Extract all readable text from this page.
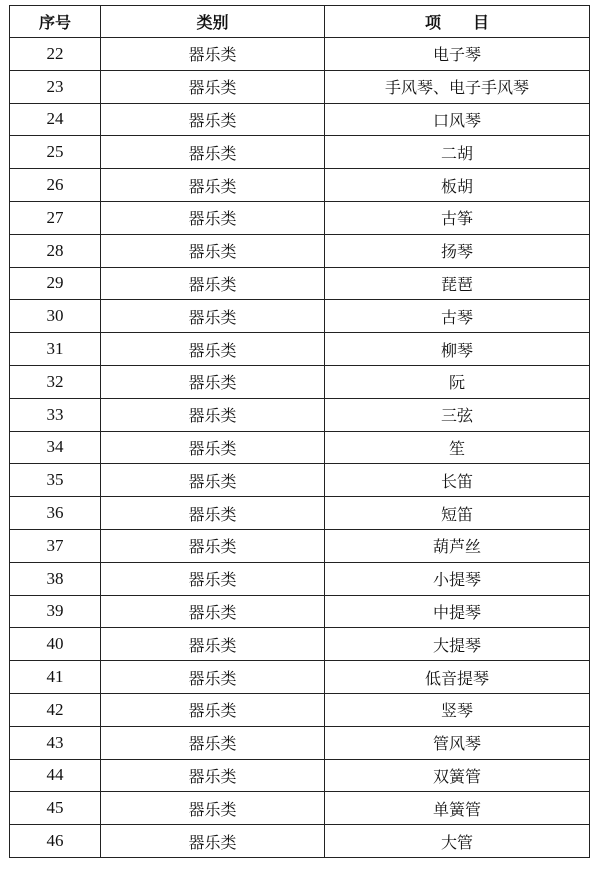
序号	类别	项　　目
22	器乐类	电子琴
23	器乐类	手风琴、电子手风琴
24	器乐类	口风琴
25	器乐类	二胡
26	器乐类	板胡
27	器乐类	古筝
28	器乐类	扬琴
29	器乐类	琵琶
30	器乐类	古琴
31	器乐类	柳琴
32	器乐类	阮
33	器乐类	三弦
34	器乐类	笙
35	器乐类	长笛
36	器乐类	短笛
37	器乐类	葫芦丝
38	器乐类	小提琴
39	器乐类	中提琴
40	器乐类	大提琴
41	器乐类	低音提琴
42	器乐类	竖琴
43	器乐类	管风琴
44	器乐类	双簧管
45	器乐类	单簧管
46	器乐类	大管
